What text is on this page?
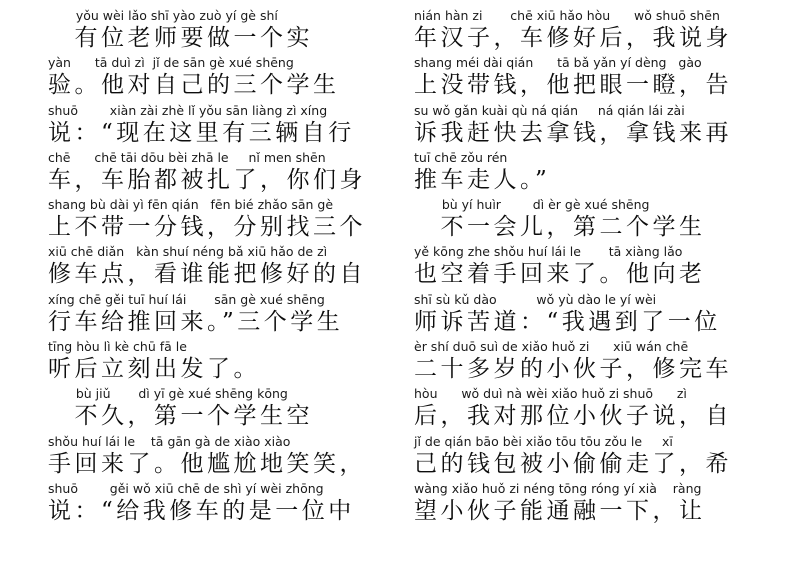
yǒu wèi lǎo shī yào zuò yí gè shí
　有位老师要做一个实
yàn      tā duì zì  jǐ de sān gè xué shēng
验。他对自己的三个学生
shuō        xiàn zài zhè lǐ yǒu sān liàng zì xíng
说：“现在这里有三辆自行
chē      chē tāi dōu bèi zhā le     nǐ men shēn
车，车胎都被扎了，你们身
shang bù dài yì fēn qián   fēn bié zhǎo sān gè
上不带一分钱，分别找三个
xiū chē diǎn   kàn shuí néng bǎ xiū hǎo de zì
修车点，看谁能把修好的自
xíng chē gěi tuī huí lái       sān gè xué shēng
行车给推回来。”三个学生
tīng hòu lì kè chū fā le
听后立刻出发了。
bù jiǔ       dì yī gè xué shēng kōng
　不久，第一个学生空
shǒu huí lái le    tā gān gà de xiào xiào
手回来了。他尴尬地笑笑，
shuō        gěi wǒ xiū chē de shì yí wèi zhōng
说：“给我修车的是一位中
nián hàn zi       chē xiū hǎo hòu      wǒ shuō shēn
年汉子，车修好后，我说身
shang méi dài qián      tā bǎ yǎn yí dèng   gào
上没带钱，他把眼一瞪，告
su wǒ gǎn kuài qù ná qián     ná qián lái zài
诉我赶快去拿钱，拿钱来再
tuī chē zǒu rén
推车走人。”
bù yí huìr        dì èr gè xué shēng
　不一会儿，第二个学生
yě kōng zhe shǒu huí lái le       tā xiàng lǎo
也空着手回来了。他向老
shī sù kǔ dào          wǒ yù dào le yí wèi
师诉苦道：“我遇到了一位
èr shí duō suì de xiǎo huǒ zi      xiū wán chē
二十多岁的小伙子，修完车
hòu      wǒ duì nà wèi xiǎo huǒ zi shuō      zì
后，我对那位小伙子说，自
jǐ de qián bāo bèi xiǎo tōu tōu zǒu le     xī
己的钱包被小偷偷走了，希
wàng xiǎo huǒ zi néng tōng róng yí xià    ràng
望小伙子能通融一下，让
